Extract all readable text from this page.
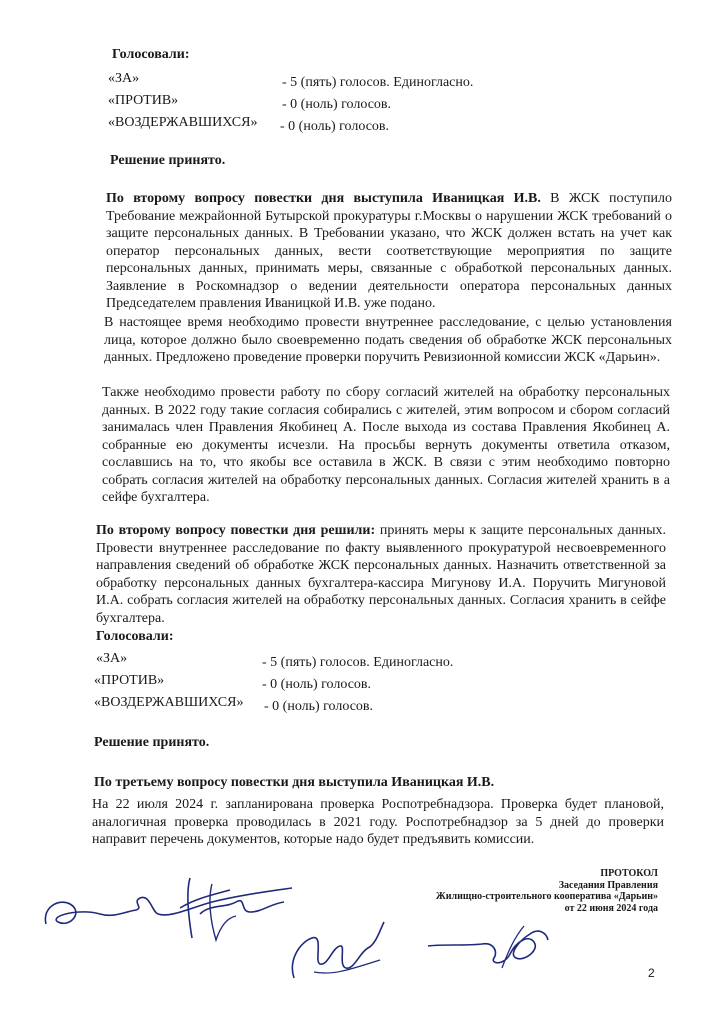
Голосовали:
«ЗА»	- 5 (пять) голосов. Единогласно.
«ПРОТИВ»	- 0 (ноль) голосов.
«ВОЗДЕРЖАВШИХСЯ» - 0 (ноль) голосов.
Решение принято.
По второму вопросу повестки дня выступила Иваницкая И.В. В ЖСК поступило Требование межрайонной Бутырской прокуратуры г.Москвы о нарушении ЖСК требований о защите персональных данных. В Требовании указано, что ЖСК должен встать на учет как оператор персональных данных, вести соответствующие мероприятия по защите персональных данных, принимать меры, связанные с обработкой персональных данных. Заявление в Роскомнадзор о ведении деятельности оператора персональных данных Председателем правления Иваницкой И.В. уже подано.
В настоящее время необходимо провести внутреннее расследование, с целью установления лица, которое должно было своевременно подать сведения об обработке ЖСК персональных данных. Предложено проведение проверки поручить Ревизионной комиссии ЖСК «Дарьин».
Также необходимо провести работу по сбору согласий жителей на обработку персональных данных. В 2022 году такие согласия собирались с жителей, этим вопросом и сбором согласий занималась член Правления Якобинец А. После выхода из состава Правления Якобинец А. собранные ею документы исчезли. На просьбы вернуть документы ответила отказом, сославшись на то, что якобы все оставила в ЖСК. В связи с этим необходимо повторно собрать согласия жителей на обработку персональных данных. Согласия жителей хранить в а сейфе бухгалтера.
По второму вопросу повестки дня решили: принять меры к защите персональных данных. Провести внутреннее расследование по факту выявленного прокуратурой несвоевременного направления сведений об обработке ЖСК персональных данных. Назначить ответственной за обработку персональных данных бухгалтера-кассира Мигунову И.А. Поручить Мигуновой И.А. собрать согласия жителей на обработку персональных данных. Согласия хранить в сейфе бухгалтера.
Голосовали:
«ЗА»	- 5 (пять) голосов. Единогласно.
«ПРОТИВ»	- 0 (ноль) голосов.
«ВОЗДЕРЖАВШИХСЯ» - 0 (ноль) голосов.
Решение принято.
По третьему вопросу повестки дня выступила Иваницкая И.В.
На 22 июля 2024 г. запланирована проверка Роспотребнадзора. Проверка будет плановой, аналогичная проверка проводилась в 2021 году. Роспотребнадзор за 5 дней до проверки направит перечень документов, которые надо будет предъявить комиссии.
ПРОТОКОЛ
Заседания Правления
Жилищно-строительного кооператива «Дарьин»
от 22 июня 2024 года
2
